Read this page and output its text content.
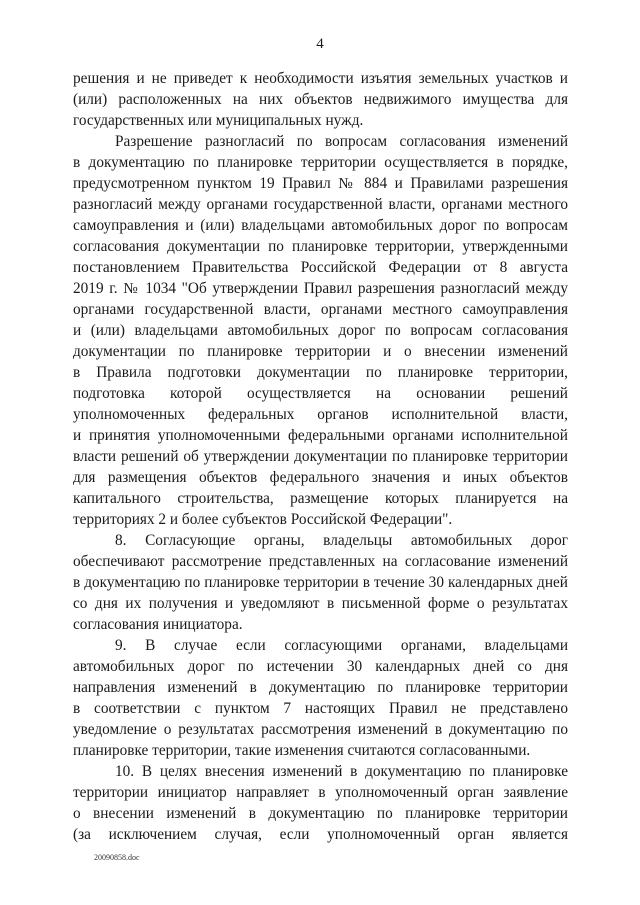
4
решения и не приведет к необходимости изъятия земельных участков и
(или) расположенных на них объектов недвижимого имущества для
государственных или муниципальных нужд.
Разрешение разногласий по вопросам согласования изменений
в документацию по планировке территории осуществляется в порядке,
предусмотренном пунктом 19 Правил № 884 и Правилами разрешения
разногласий между органами государственной власти, органами местного
самоуправления и (или) владельцами автомобильных дорог по вопросам
согласования документации по планировке территории, утвержденными
постановлением Правительства Российской Федерации от 8 августа
2019 г. № 1034 "Об утверждении Правил разрешения разногласий между
органами государственной власти, органами местного самоуправления
и (или) владельцами автомобильных дорог по вопросам согласования
документации по планировке территории и о внесении изменений
в Правила подготовки документации по планировке территории,
подготовка которой осуществляется на основании решений
уполномоченных федеральных органов исполнительной власти,
и принятия уполномоченными федеральными органами исполнительной
власти решений об утверждении документации по планировке территории
для размещения объектов федерального значения и иных объектов
капитального строительства, размещение которых планируется на
территориях 2 и более субъектов Российской Федерации".
8. Согласующие органы, владельцы автомобильных дорог
обеспечивают рассмотрение представленных на согласование изменений
в документацию по планировке территории в течение 30 календарных дней
со дня их получения и уведомляют в письменной форме о результатах
согласования инициатора.
9. В случае если согласующими органами, владельцами
автомобильных дорог по истечении 30 календарных дней со дня
направления изменений в документацию по планировке территории
в соответствии с пунктом 7 настоящих Правил не представлено
уведомление о результатах рассмотрения изменений в документацию по
планировке территории, такие изменения считаются согласованными.
10. В целях внесения изменений в документацию по планировке
территории инициатор направляет в уполномоченный орган заявление
о внесении изменений в документацию по планировке территории
(за исключением случая, если уполномоченный орган является
20090858.doc
